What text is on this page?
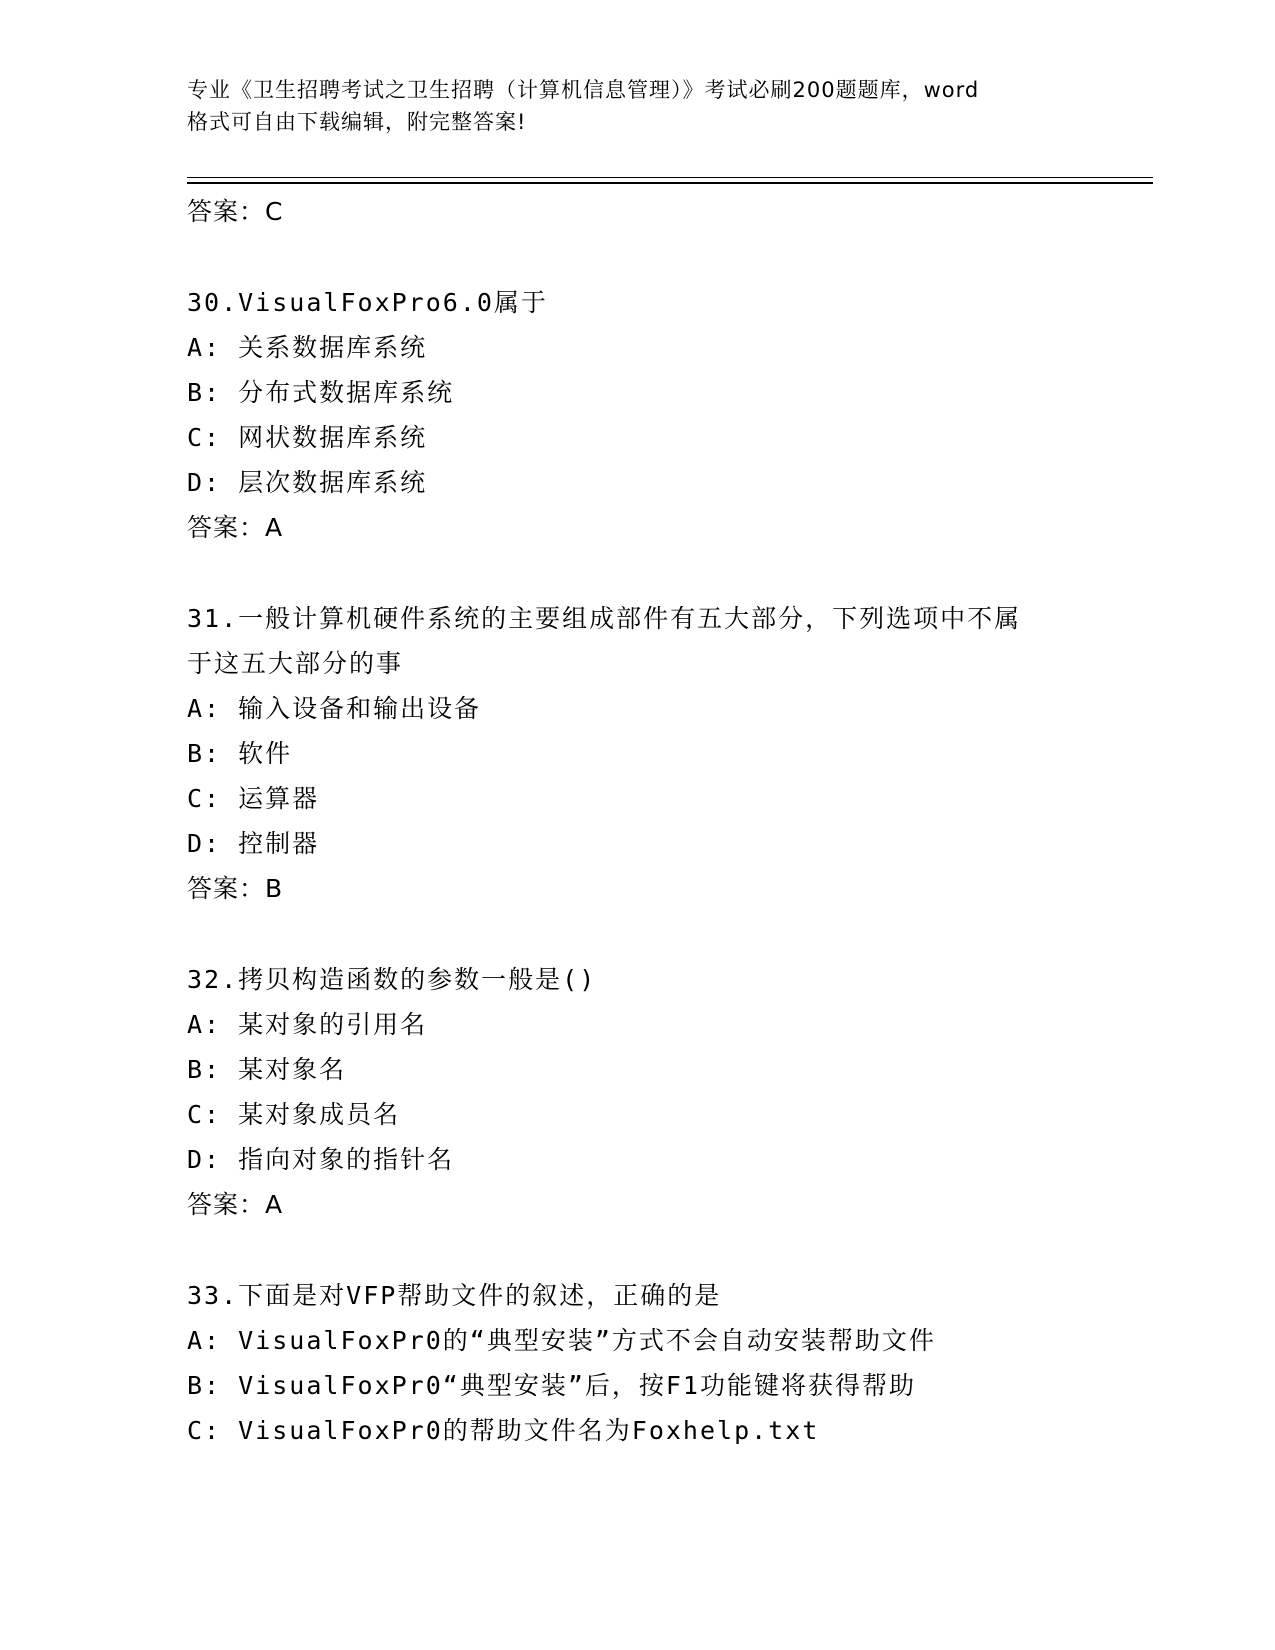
专业《卫生招聘考试之卫生招聘（计算机信息管理）》考试必刷200题题库，word
格式可自由下载编辑，附完整答案!
答案：C
30.VisualFoxPro6.0属于
A: 关系数据库系统
B: 分布式数据库系统
C: 网状数据库系统
D: 层次数据库系统
答案：A
31.一般计算机硬件系统的主要组成部件有五大部分，下列选项中不属
于这五大部分的事
A: 输入设备和输出设备
B: 软件
C: 运算器
D: 控制器
答案：B
32.拷贝构造函数的参数一般是()
A: 某对象的引用名
B: 某对象名
C: 某对象成员名
D: 指向对象的指针名
答案：A
33.下面是对VFP帮助文件的叙述，正确的是
A: VisualFoxPr0的“典型安装”方式不会自动安装帮助文件
B: VisualFoxPr0“典型安装”后，按F1功能键将获得帮助
C: VisualFoxPr0的帮助文件名为Foxhelp.txt
